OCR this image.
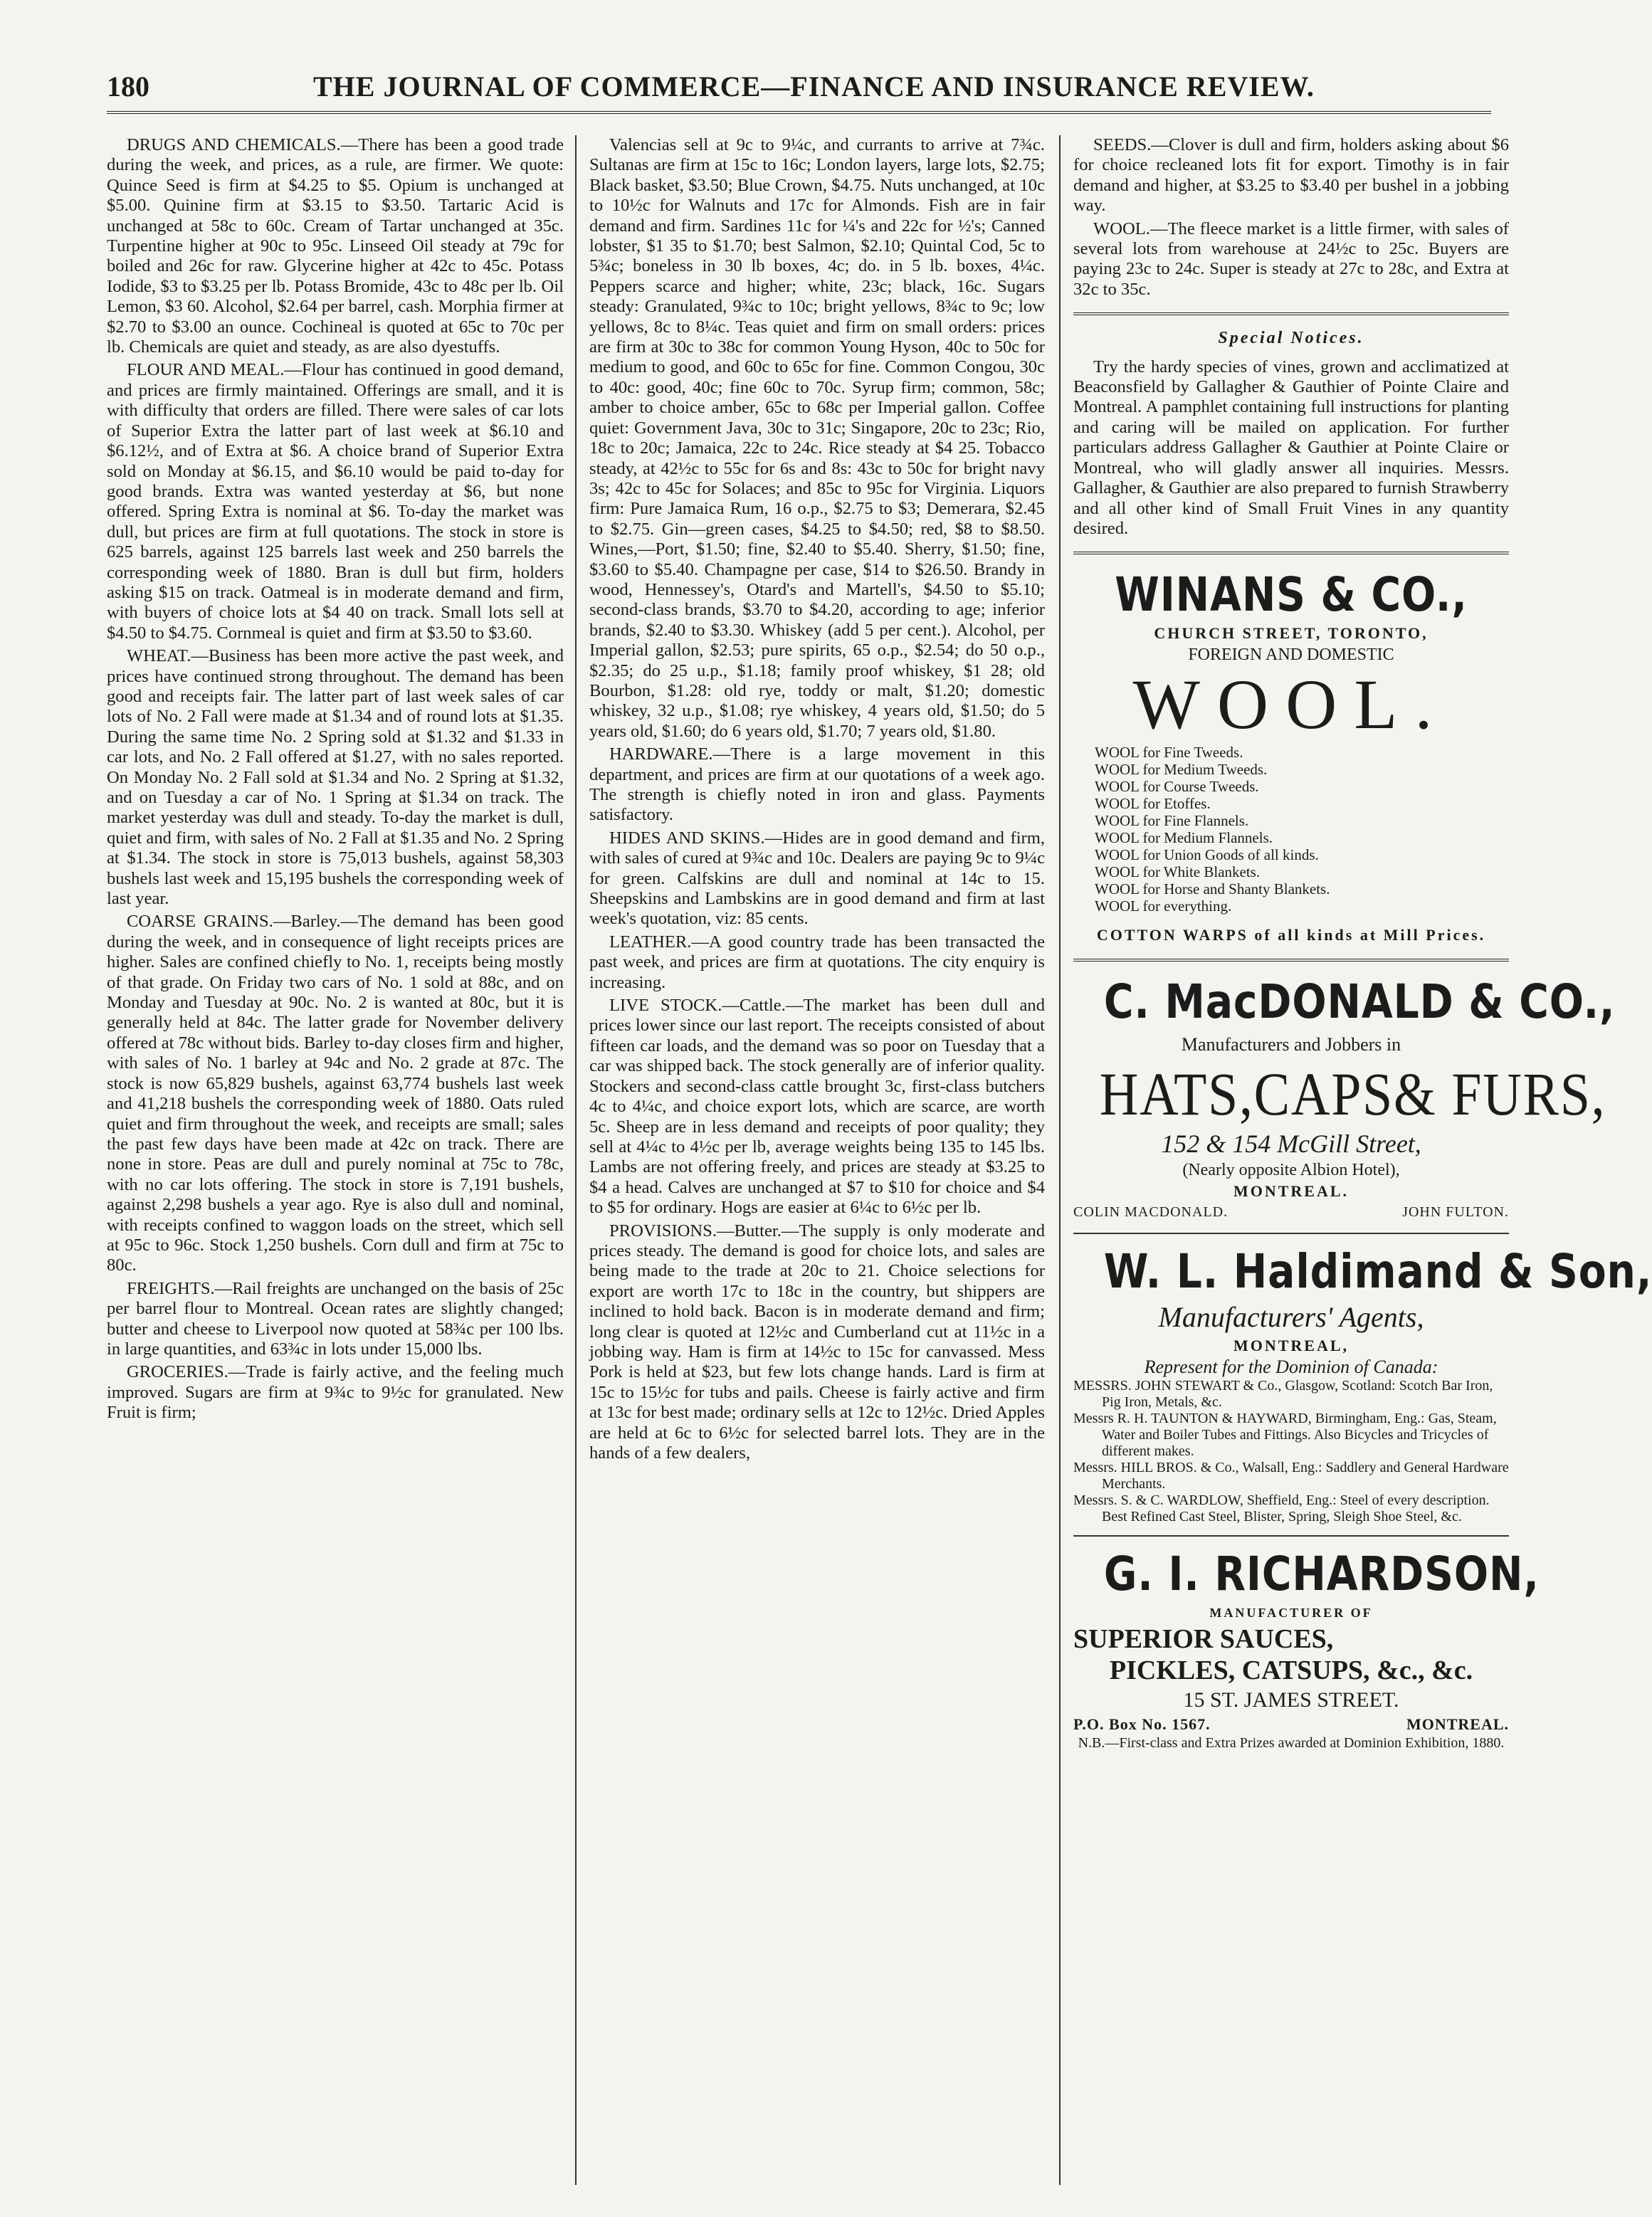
180	THE JOURNAL OF COMMERCE—FINANCE AND INSURANCE REVIEW.

DRUGS AND CHEMICALS.—There has been a good trade during the week, and prices, as a rule, are firmer. We quote: Quince Seed is firm at $4.25 to $5. Opium is unchanged at $5.00. Quinine firm at $3.15 to $3.50. Tartaric Acid is unchanged at 58c to 60c. Cream of Tartar unchanged at 35c. Turpentine higher at 90c to 95c. Linseed Oil steady at 79c for boiled and 26c for raw. Glycerine higher at 42c to 45c. Potass Iodide, $3 to $3.25 per lb. Potass Bromide, 43c to 48c per lb. Oil Lemon, $3 60. Alcohol, $2.64 per barrel, cash. Morphia firmer at $2.70 to $3.00 an ounce. Cochineal is quoted at 65c to 70c per lb. Chemicals are quiet and steady, as are also dyestuffs.

FLOUR AND MEAL.—Flour has continued in good demand, and prices are firmly maintained. Offerings are small, and it is with difficulty that orders are filled. There were sales of car lots of Superior Extra the latter part of last week at $6.10 and $6.12½, and of Extra at $6. A choice brand of Superior Extra sold on Monday at $6.15, and $6.10 would be paid to-day for good brands. Extra was wanted yesterday at $6, but none offered. Spring Extra is nominal at $6. To-day the market was dull, but prices are firm at full quotations. The stock in store is 625 barrels, against 125 barrels last week and 250 barrels the corresponding week of 1880. Bran is dull but firm, holders asking $15 on track. Oatmeal is in moderate demand and firm, with buyers of choice lots at $4 40 on track. Small lots sell at $4.50 to $4.75. Cornmeal is quiet and firm at $3.50 to $3.60.

WHEAT.—Business has been more active the past week, and prices have continued strong throughout. The demand has been good and receipts fair. The latter part of last week sales of car lots of No. 2 Fall were made at $1.34 and of round lots at $1.35. During the same time No. 2 Spring sold at $1.32 and $1.33 in car lots, and No. 2 Fall offered at $1.27, with no sales reported. On Monday No. 2 Fall sold at $1.34 and No. 2 Spring at $1.32, and on Tuesday a car of No. 1 Spring at $1.34 on track. The market yesterday was dull and steady. To-day the market is dull, quiet and firm, with sales of No. 2 Fall at $1.35 and No. 2 Spring at $1.34. The stock in store is 75,013 bushels, against 58,303 bushels last week and 15,195 bushels the corresponding week of last year.

COARSE GRAINS.—Barley.—The demand has been good during the week, and in consequence of light receipts prices are higher. Sales are confined chiefly to No. 1, receipts being mostly of that grade. On Friday two cars of No. 1 sold at 88c, and on Monday and Tuesday at 90c. No. 2 is wanted at 80c, but it is generally held at 84c. The latter grade for November delivery offered at 78c without bids. Barley to-day closes firm and higher, with sales of No. 1 barley at 94c and No. 2 grade at 87c. The stock is now 65,829 bushels, against 63,774 bushels last week and 41,218 bushels the corresponding week of 1880. Oats ruled quiet and firm throughout the week, and receipts are small; sales the past few days have been made at 42c on track. There are none in store. Peas are dull and purely nominal at 75c to 78c, with no car lots offering. The stock in store is 7,191 bushels, against 2,298 bushels a year ago. Rye is also dull and nominal, with receipts confined to waggon loads on the street, which sell at 95c to 96c. Stock 1,250 bushels. Corn dull and firm at 75c to 80c.

FREIGHTS.—Rail freights are unchanged on the basis of 25c per barrel flour to Montreal. Ocean rates are slightly changed; butter and cheese to Liverpool now quoted at 58¾c per 100 lbs. in large quantities, and 63¾c in lots under 15,000 lbs.

GROCERIES.—Trade is fairly active, and the feeling much improved. Sugars are firm at 9¾c to 9½c for granulated. New Fruit is firm;

Valencias sell at 9c to 9¼c, and currants to arrive at 7¾c. Sultanas are firm at 15c to 16c; London layers, large lots, $2.75; Black basket, $3.50; Blue Crown, $4.75. Nuts unchanged, at 10c to 10½c for Walnuts and 17c for Almonds. Fish are in fair demand and firm. Sardines 11c for ¼'s and 22c for ½'s; Canned lobster, $1 35 to $1.70; best Salmon, $2.10; Quintal Cod, 5c to 5¾c; boneless in 30 lb boxes, 4c; do. in 5 lb. boxes, 4¼c. Peppers scarce and higher; white, 23c; black, 16c. Sugars steady: Granulated, 9¾c to 10c; bright yellows, 8¾c to 9c; low yellows, 8c to 8¼c. Teas quiet and firm on small orders: prices are firm at 30c to 38c for common Young Hyson, 40c to 50c for medium to good, and 60c to 65c for fine. Common Congou, 30c to 40c: good, 40c; fine 60c to 70c. Syrup firm; common, 58c; amber to choice amber, 65c to 68c per Imperial gallon. Coffee quiet: Government Java, 30c to 31c; Singapore, 20c to 23c; Rio, 18c to 20c; Jamaica, 22c to 24c. Rice steady at $4 25. Tobacco steady, at 42½c to 55c for 6s and 8s: 43c to 50c for bright navy 3s; 42c to 45c for Solaces; and 85c to 95c for Virginia. Liquors firm: Pure Jamaica Rum, 16 o.p., $2.75 to $3; Demerara, $2.45 to $2.75. Gin—green cases, $4.25 to $4.50; red, $8 to $8.50. Wines,—Port, $1.50; fine, $2.40 to $5.40. Sherry, $1.50; fine, $3.60 to $5.40. Champagne per case, $14 to $26.50. Brandy in wood, Hennessey's, Otard's and Martell's, $4.50 to $5.10; second-class brands, $3.70 to $4.20, according to age; inferior brands, $2.40 to $3.30. Whiskey (add 5 per cent.). Alcohol, per Imperial gallon, $2.53; pure spirits, 65 o.p., $2.54; do 50 o.p., $2.35; do 25 u.p., $1.18; family proof whiskey, $1 28; old Bourbon, $1.28: old rye, toddy or malt, $1.20; domestic whiskey, 32 u.p., $1.08; rye whiskey, 4 years old, $1.50; do 5 years old, $1.60; do 6 years old, $1.70; 7 years old, $1.80.

HARDWARE.—There is a large movement in this department, and prices are firm at our quotations of a week ago. The strength is chiefly noted in iron and glass. Payments satisfactory.

HIDES AND SKINS.—Hides are in good demand and firm, with sales of cured at 9¾c and 10c. Dealers are paying 9c to 9¼c for green. Calfskins are dull and nominal at 14c to 15. Sheepskins and Lambskins are in good demand and firm at last week's quotation, viz: 85 cents.

LEATHER.—A good country trade has been transacted the past week, and prices are firm at quotations. The city enquiry is increasing.

LIVE STOCK.—Cattle.—The market has been dull and prices lower since our last report. The receipts consisted of about fifteen car loads, and the demand was so poor on Tuesday that a car was shipped back. The stock generally are of inferior quality. Stockers and second-class cattle brought 3c, first-class butchers 4c to 4¼c, and choice export lots, which are scarce, are worth 5c. Sheep are in less demand and receipts of poor quality; they sell at 4¼c to 4½c per lb, average weights being 135 to 145 lbs. Lambs are not offering freely, and prices are steady at $3.25 to $4 a head. Calves are unchanged at $7 to $10 for choice and $4 to $5 for ordinary. Hogs are easier at 6¼c to 6½c per lb.

PROVISIONS.—Butter.—The supply is only moderate and prices steady. The demand is good for choice lots, and sales are being made to the trade at 20c to 21. Choice selections for export are worth 17c to 18c in the country, but shippers are inclined to hold back. Bacon is in moderate demand and firm; long clear is quoted at 12½c and Cumberland cut at 11½c in a jobbing way. Ham is firm at 14½c to 15c for canvassed. Mess Pork is held at $23, but few lots change hands. Lard is firm at 15c to 15½c for tubs and pails. Cheese is fairly active and firm at 13c for best made; ordinary sells at 12c to 12½c. Dried Apples are held at 6c to 6½c for selected barrel lots. They are in the hands of a few dealers,

SEEDS.—Clover is dull and firm, holders asking about $6 for choice recleaned lots fit for export. Timothy is in fair demand and higher, at $3.25 to $3.40 per bushel in a jobbing way.

WOOL.—The fleece market is a little firmer, with sales of several lots from warehouse at 24½c to 25c. Buyers are paying 23c to 24c. Super is steady at 27c to 28c, and Extra at 32c to 35c.

Special Notices.

Try the hardy species of vines, grown and acclimatized at Beaconsfield by Gallagher & Gauthier of Pointe Claire and Montreal. A pamphlet containing full instructions for planting and caring will be mailed on application. For further particulars address Gallagher & Gauthier at Pointe Claire or Montreal, who will gladly answer all inquiries. Messrs. Gallagher, & Gauthier are also prepared to furnish Strawberry and all other kind of Small Fruit Vines in any quantity desired.

WINANS & CO.,
CHURCH STREET, TORONTO,
FOREIGN AND DOMESTIC
WOOL.
WOOL for Fine Tweeds.
WOOL for Medium Tweeds.
WOOL for Course Tweeds.
WOOL for Etoffes.
WOOL for Fine Flannels.
WOOL for Medium Flannels.
WOOL for Union Goods of all kinds.
WOOL for White Blankets.
WOOL for Horse and Shanty Blankets.
WOOL for everything.
COTTON WARPS of all kinds at Mill Prices.
C. MacDONALD & CO.,
Manufacturers and Jobbers in
HATS,CAPS& FURS,
152 & 154 McGill Street,
(Nearly opposite Albion Hotel),
MONTREAL.
COLIN MACDONALD.	JOHN FULTON.
W. L. Haldimand & Son,
Manufacturers' Agents,
MONTREAL,
Represent for the Dominion of Canada:
MESSRS. JOHN STEWART & Co., Glasgow, Scotland: Scotch Bar Iron, Pig Iron, Metals, &c.
Messrs R. H. TAUNTON & HAYWARD, Birmingham, Eng.: Gas, Steam, Water and Boiler Tubes and Fittings. Also Bicycles and Tricycles of different makes.
Messrs. HILL BROS. & Co., Walsall, Eng.: Saddlery and General Hardware Merchants.
Messrs. S. & C. WARDLOW, Sheffield, Eng.: Steel of every description. Best Refined Cast Steel, Blister, Spring, Sleigh Shoe Steel, &c.
G. I. RICHARDSON,
MANUFACTURER OF
SUPERIOR SAUCES,
PICKLES, CATSUPS, &c., &c.
15 ST. JAMES STREET.
P.O. Box No. 1567.	MONTREAL.
N.B.—First-class and Extra Prizes awarded at Dominion Exhibition, 1880.
